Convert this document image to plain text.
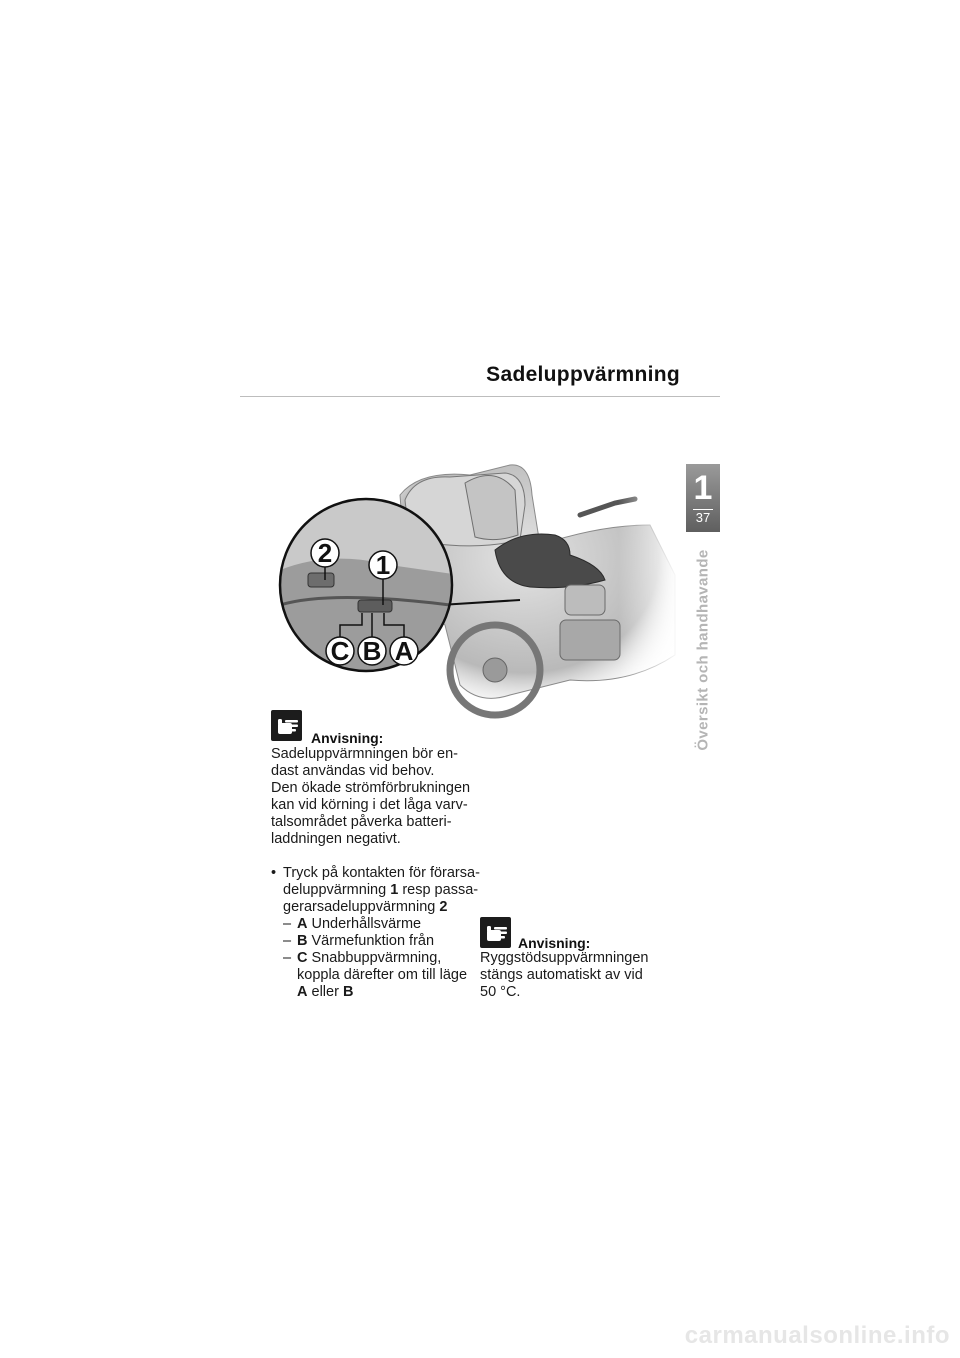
Sadeluppvärmning
1
37
Översikt och handhavande
2 1
C B A
Anvisning:
Sadeluppvärmningen bör en-
dast användas vid behov.
Den ökade strömförbrukningen
kan vid körning i det låga varv-
talsområdet påverka batteri-
laddningen negativt.
• Tryck på kontakten för förarsa-
deluppvärmning 1 resp passa-
gerarsadeluppvärmning 2
– A Underhållsvärme
– B Värmefunktion från
– C Snabbuppvärmning,
koppla därefter om till läge
A eller B
Anvisning:
Ryggstödsuppvärmningen
stängs automatiskt av vid
50 °C.
carmanualsonline.info
